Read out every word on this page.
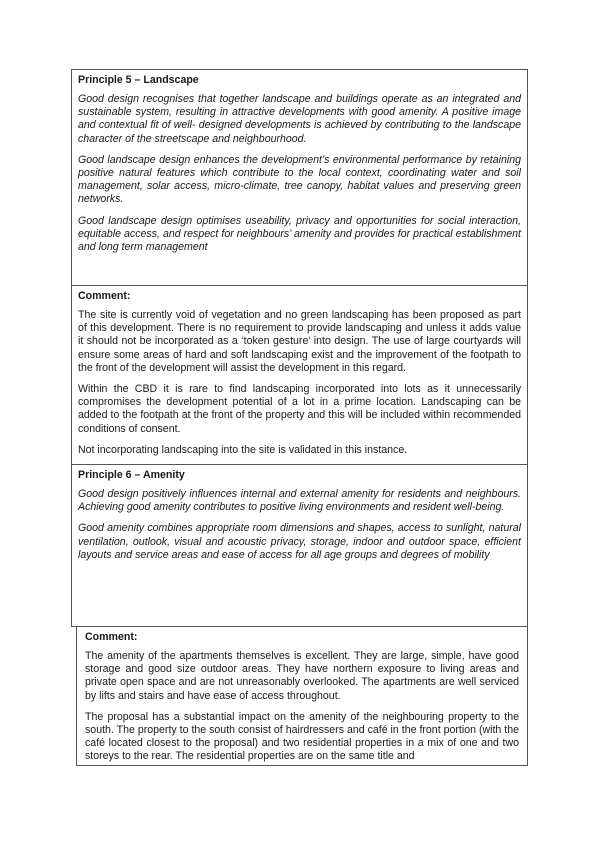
Principle 5 – Landscape
Good design recognises that together landscape and buildings operate as an integrated and sustainable system, resulting in attractive developments with good amenity. A positive image and contextual fit of well- designed developments is achieved by contributing to the landscape character of the streetscape and neighbourhood.
Good landscape design enhances the development’s environmental performance by retaining positive natural features which contribute to the local context, coordinating water and soil management, solar access, micro-climate, tree canopy, habitat values and preserving green networks.
Good landscape design optimises useability, privacy and opportunities for social interaction, equitable access, and respect for neighbours’ amenity and provides for practical establishment and long term management
Comment:
The site is currently void of vegetation and no green landscaping has been proposed as part of this development. There is no requirement to provide landscaping and unless it adds value it should not be incorporated as a ‘token gesture’ into design. The use of large courtyards will ensure some areas of hard and soft landscaping exist and the improvement of the footpath to the front of the development will assist the development in this regard.
Within the CBD it is rare to find landscaping incorporated into lots as it unnecessarily compromises the development potential of a lot in a prime location. Landscaping can be added to the footpath at the front of the property and this will be included within recommended conditions of consent.
Not incorporating landscaping into the site is validated in this instance.
Principle 6 – Amenity
Good design positively influences internal and external amenity for residents and neighbours. Achieving good amenity contributes to positive living environments and resident well-being.
Good amenity combines appropriate room dimensions and shapes, access to sunlight, natural ventilation, outlook, visual and acoustic privacy, storage, indoor and outdoor space, efficient layouts and service areas and ease of access for all age groups and degrees of mobility
Comment:
The amenity of the apartments themselves is excellent. They are large, simple, have good storage and good size outdoor areas. They have northern exposure to living areas and private open space and are not unreasonably overlooked. The apartments are well serviced by lifts and stairs and have ease of access throughout.
The proposal has a substantial impact on the amenity of the neighbouring property to the south. The property to the south consist of hairdressers and café in the front portion (with the café located closest to the proposal) and two residential properties in a mix of one and two storeys to the rear. The residential properties are on the same title and
